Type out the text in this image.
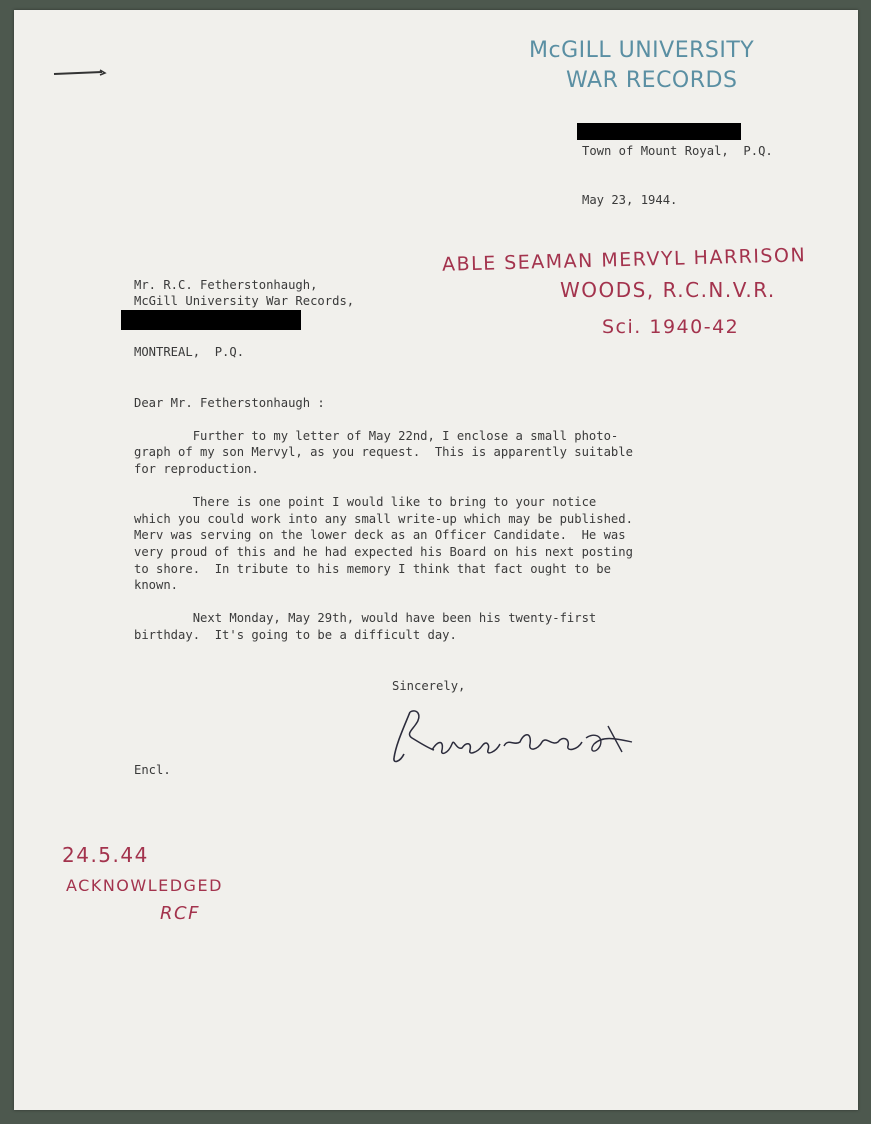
McGILL UNIVERSITY
WAR RECORDS
Town of Mount Royal,  P.Q.
May 23, 1944.
ABLE SEAMAN MERVYL HARRISON
WOODS, R.C.N.V.R.
Sci. 1940-42
Mr. R.C. Fetherstonhaugh,
McGill University War Records,
MONTREAL,  P.Q.
Dear Mr. Fetherstonhaugh :
Further to my letter of May 22nd, I enclose a small photo-
graph of my son Mervyl, as you request.  This is apparently suitable
for reproduction.
There is one point I would like to bring to your notice
which you could work into any small write-up which may be published.
Merv was serving on the lower deck as an Officer Candidate.  He was
very proud of this and he had expected his Board on his next posting
to shore.  In tribute to his memory I think that fact ought to be
known.
Next Monday, May 29th, would have been his twenty-first
birthday.  It's going to be a difficult day.
Sincerely,
Encl.
24.5.44
ACKNOWLEDGED
RCF
